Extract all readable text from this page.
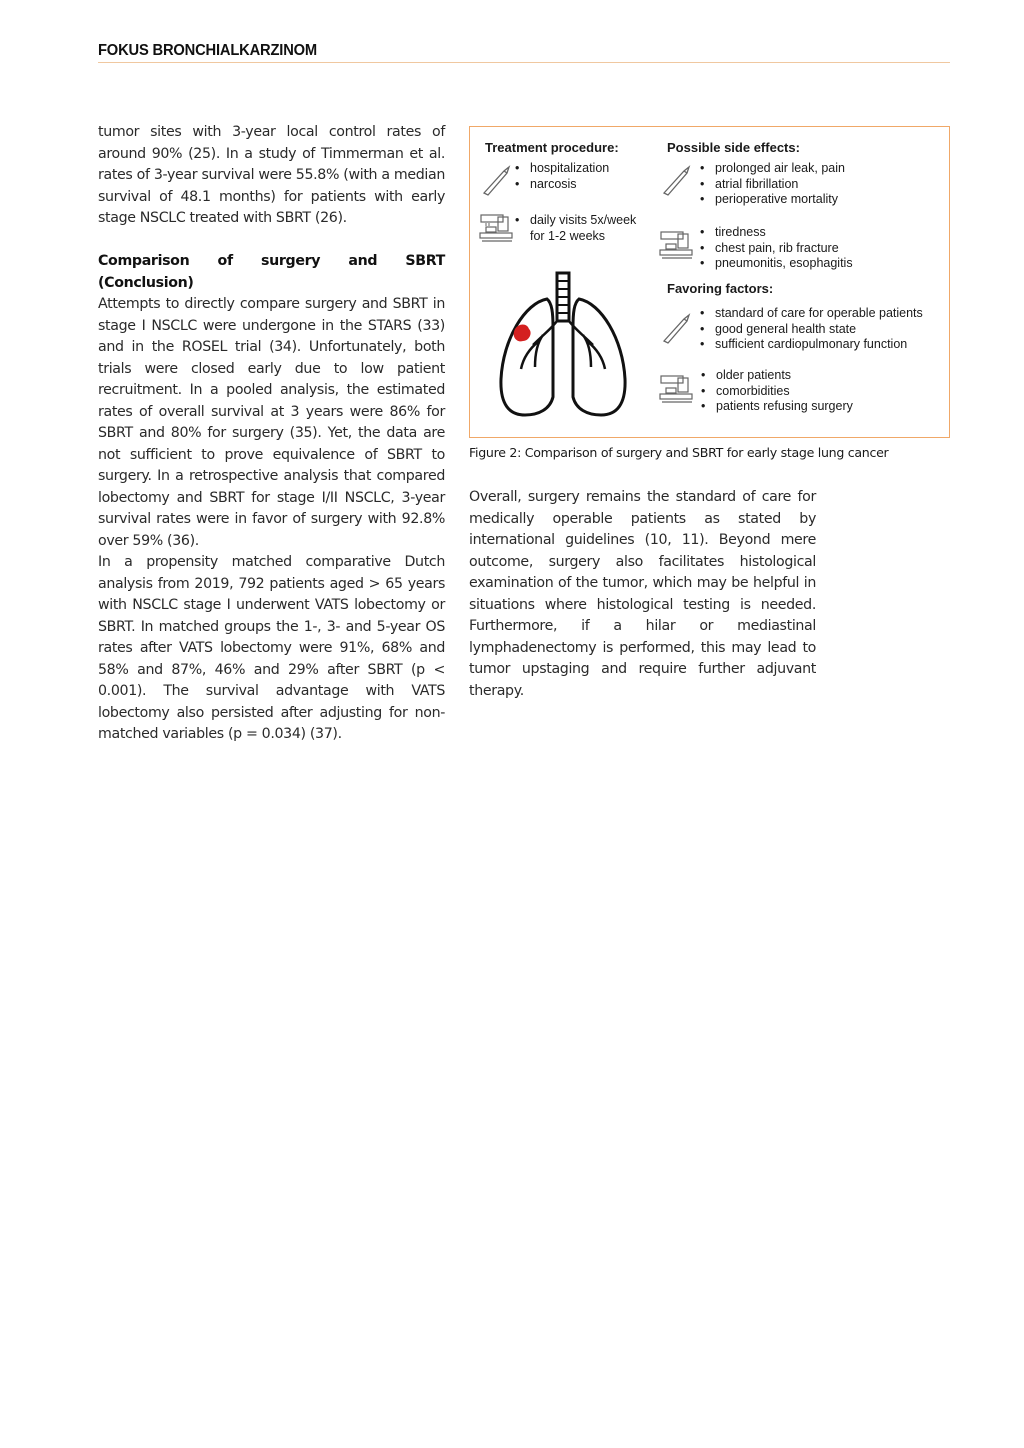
FOKUS BRONCHIALKARZINOM

tumor sites with 3-year local control rates of around 90% (25). In a study of Timmerman et al. rates of 3-year survival were 55.8% (with a median survival of 48.1 months) for patients with early stage NSCLC treated with SBRT (26).

Comparison of surgery and SBRT (Conclusion)

Attempts to directly compare surgery and SBRT in stage I NSCLC were undergone in the STARS (33) and in the ROSEL trial (34). Unfortunately, both trials were closed early due to low patient recruitment. In a pooled analysis, the estimated rates of overall survival at 3 years were 86% for SBRT and 80% for surgery (35). Yet, the data are not sufficient to prove equivalence of SBRT to surgery. In a retrospective analysis that compared lobectomy and SBRT for stage I/II NSCLC, 3-year survival rates were in favor of surgery with 92.8% over 59% (36).

In a propensity matched comparative Dutch analysis from 2019, 792 patients aged > 65 years with NSCLC stage I underwent VATS lobectomy or SBRT. In matched groups the 1-, 3- and 5-year OS rates after VATS lobectomy were 91%, 68% and 58% and 87%, 46% and 29% after SBRT (p < 0.001). The survival advantage with VATS lobectomy also persisted after adjusting for non-matched variables (p = 0.034) (37).

Treatment procedure:
• hospitalization
• narcosis
• daily visits 5x/week
for 1-2 weeks
Possible side effects:
• prolonged air leak, pain
• atrial fibrillation
• perioperative mortality
• tiredness
• chest pain, rib fracture
• pneumonitis, esophagitis
Favoring factors:
• standard of care for operable patients
• good general health state
• sufficient cardiopulmonary function
• older patients
• comorbidities
• patients refusing surgery
Figure 2: Comparison of surgery and SBRT for early stage lung cancer

Overall, surgery remains the standard of care for medically operable patients as stated by international guidelines (10, 11). Beyond mere outcome, surgery also facilitates histological examination of the tumor, which may be helpful in situations where histological testing is needed. Furthermore, if a hilar or mediastinal lymphadenectomy is performed, this may lead to tumor upstaging and require further adjuvant therapy.
